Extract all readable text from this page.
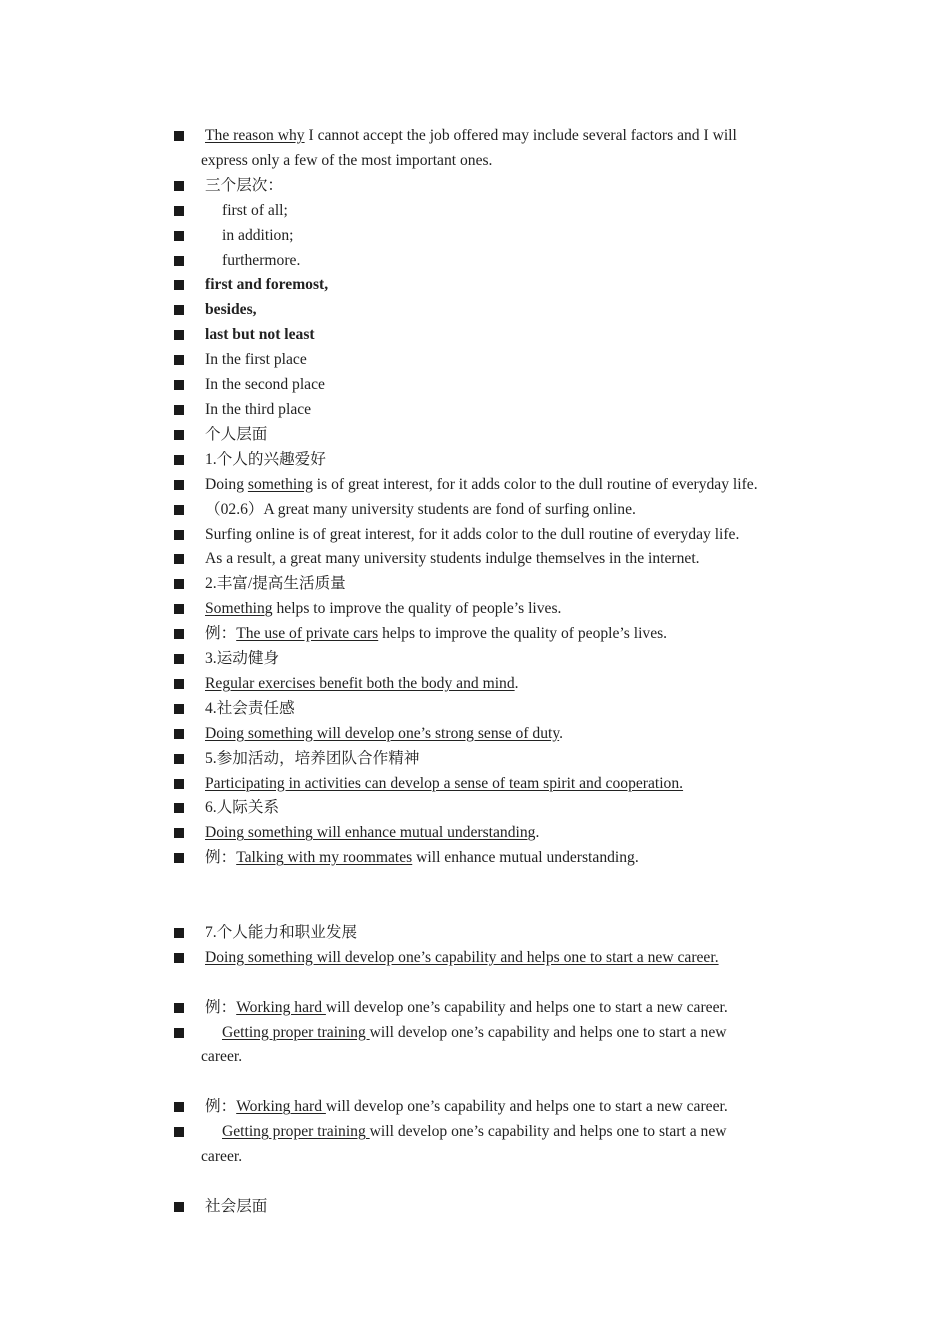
The reason why I cannot accept the job offered may include several factors and I will
express only a few of the most important ones.
三个层次：
first of all;
in addition;
furthermore.
first and foremost,
besides,
last but not least
In the first place
In the second place
In the third place
个人层面
1.个人的兴趣爱好
Doing something is of great interest, for it adds color to the dull routine of everyday life.
（02.6）A great many university students are fond of surfing online.
Surfing online is of great interest, for it adds color to the dull routine of everyday life.
As a result, a great many university students indulge themselves in the internet.
2.丰富/提高生活质量
Something helps to improve the quality of people’s lives.
例：The use of private cars helps to improve the quality of people’s lives.
3.运动健身
Regular exercises benefit both the body and mind.
4.社会责任感
Doing something will develop one’s strong sense of duty.
5.参加活动，培养团队合作精神
Participating in activities can develop a sense of team spirit and cooperation.
6.人际关系
Doing something will enhance mutual understanding.
例：Talking with my roommates will enhance mutual understanding.
7.个人能力和职业发展
Doing something will develop one’s capability and helps one to start a new career.
例：Working hard will develop one’s capability and helps one to start a new career.
Getting proper training will develop one’s capability and helps one to start a new
career.
例：Working hard will develop one’s capability and helps one to start a new career.
Getting proper training will develop one’s capability and helps one to start a new
career.
社会层面
